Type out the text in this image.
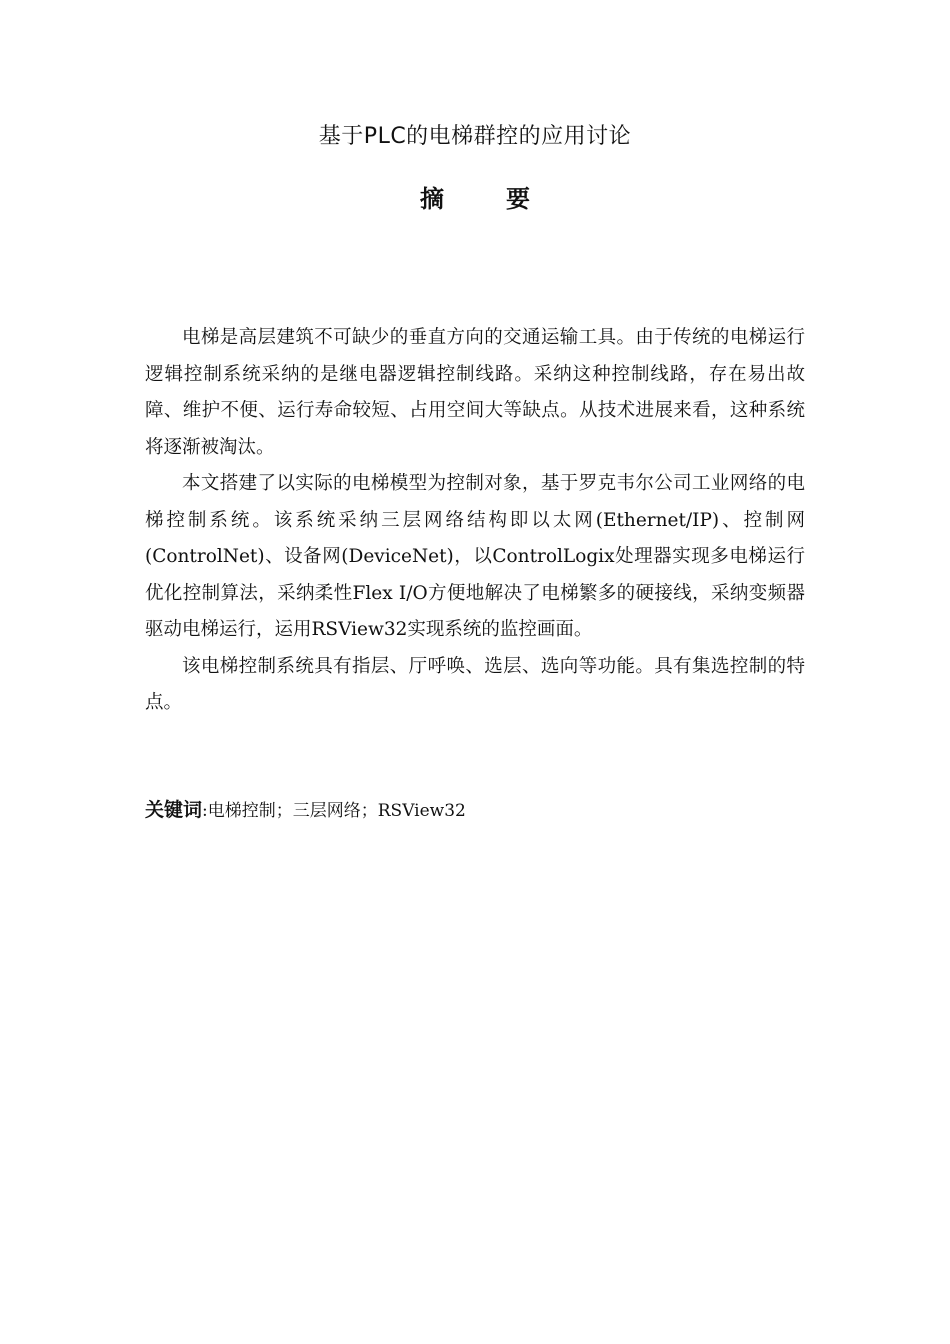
基于PLC的电梯群控的应用讨论
摘	要

电梯是高层建筑不可缺少的垂直方向的交通运输工具。由于传统的电梯运行逻辑控制系统采纳的是继电器逻辑控制线路。采纳这种控制线路，存在易出故障、维护不便、运行寿命较短、占用空间大等缺点。从技术进展来看，这种系统将逐渐被淘汰。

本文搭建了以实际的电梯模型为控制对象，基于罗克韦尔公司工业网络的电梯控制系统。该系统采纳三层网络结构即以太网(Ethernet/IP)、控制网(ControlNet)、设备网(DeviceNet)，以ControlLogix处理器实现多电梯运行优化控制算法，采纳柔性Flex I/O方便地解决了电梯繁多的硬接线，采纳变频器驱动电梯运行，运用RSView32实现系统的监控画面。

该电梯控制系统具有指层、厅呼唤、选层、选向等功能。具有集选控制的特点。

关键词:电梯控制；三层网络；RSView32
